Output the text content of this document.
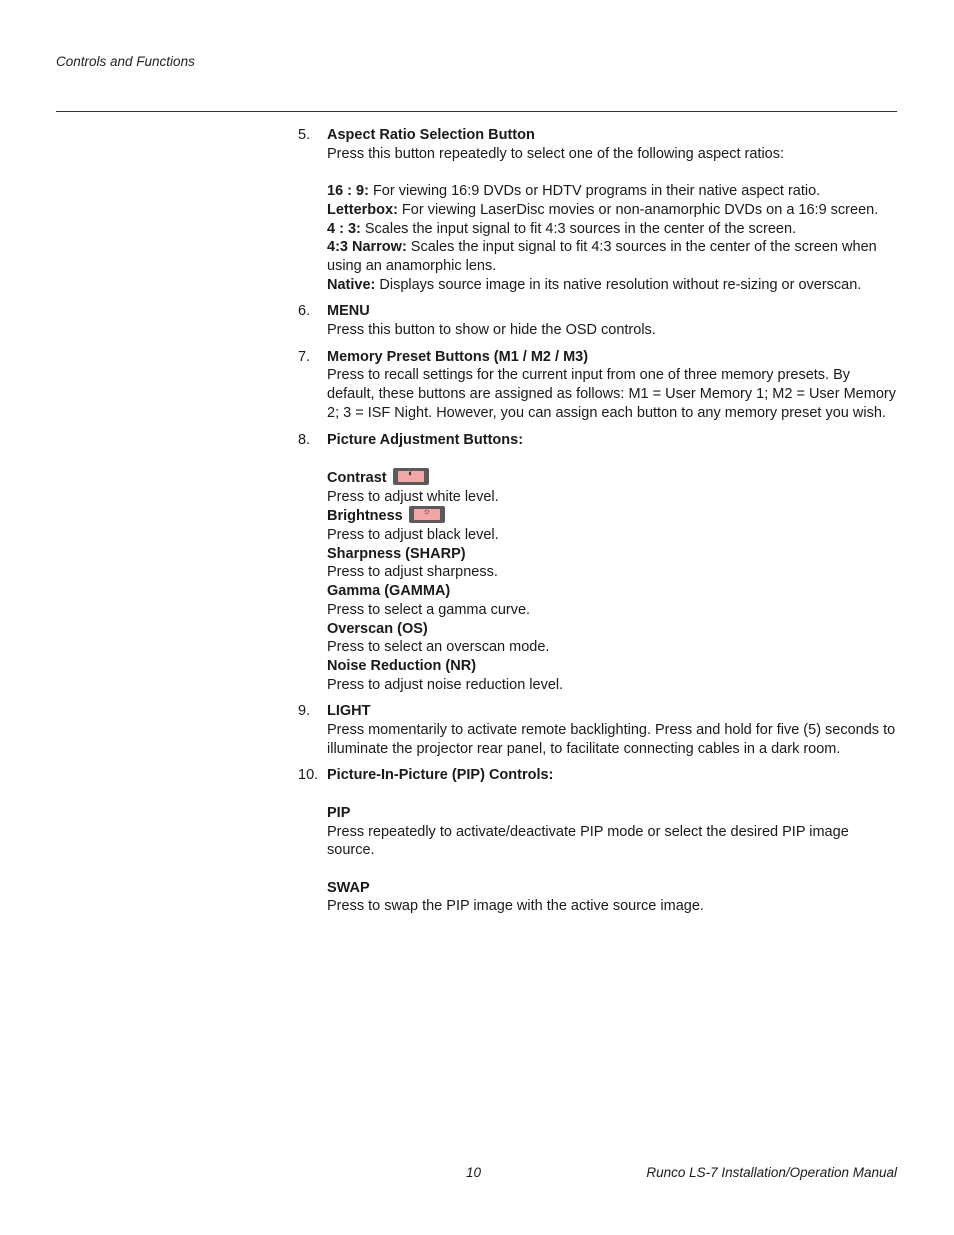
Controls and Functions
5. Aspect Ratio Selection Button
Press this button repeatedly to select one of the following aspect ratios:
16 : 9: For viewing 16:9 DVDs or HDTV programs in their native aspect ratio.
Letterbox: For viewing LaserDisc movies or non-anamorphic DVDs on a 16:9 screen.
4 : 3: Scales the input signal to fit 4:3 sources in the center of the screen.
4:3 Narrow: Scales the input signal to fit 4:3 sources in the center of the screen when using an anamorphic lens.
Native: Displays source image in its native resolution without re-sizing or overscan.
6. MENU
Press this button to show or hide the OSD controls.
7. Memory Preset Buttons (M1 / M2 / M3)
Press to recall settings for the current input from one of three memory presets. By default, these buttons are assigned as follows: M1 = User Memory 1; M2 = User Memory 2; 3 = ISF Night. However, you can assign each button to any memory preset you wish.
8. Picture Adjustment Buttons:
Contrast	◐
Press to adjust white level.
Brightness	☼
Press to adjust black level.
Sharpness (SHARP)
Press to adjust sharpness.
Gamma (GAMMA)
Press to select a gamma curve.
Overscan (OS)
Press to select an overscan mode.
Noise Reduction (NR)
Press to adjust noise reduction level.
9. LIGHT
Press momentarily to activate remote backlighting. Press and hold for five (5) seconds to illuminate the projector rear panel, to facilitate connecting cables in a dark room.
10. Picture-In-Picture (PIP) Controls:
PIP
Press repeatedly to activate/deactivate PIP mode or select the desired PIP image source.
SWAP
Press to swap the PIP image with the active source image.
10	Runco LS-7 Installation/Operation Manual
